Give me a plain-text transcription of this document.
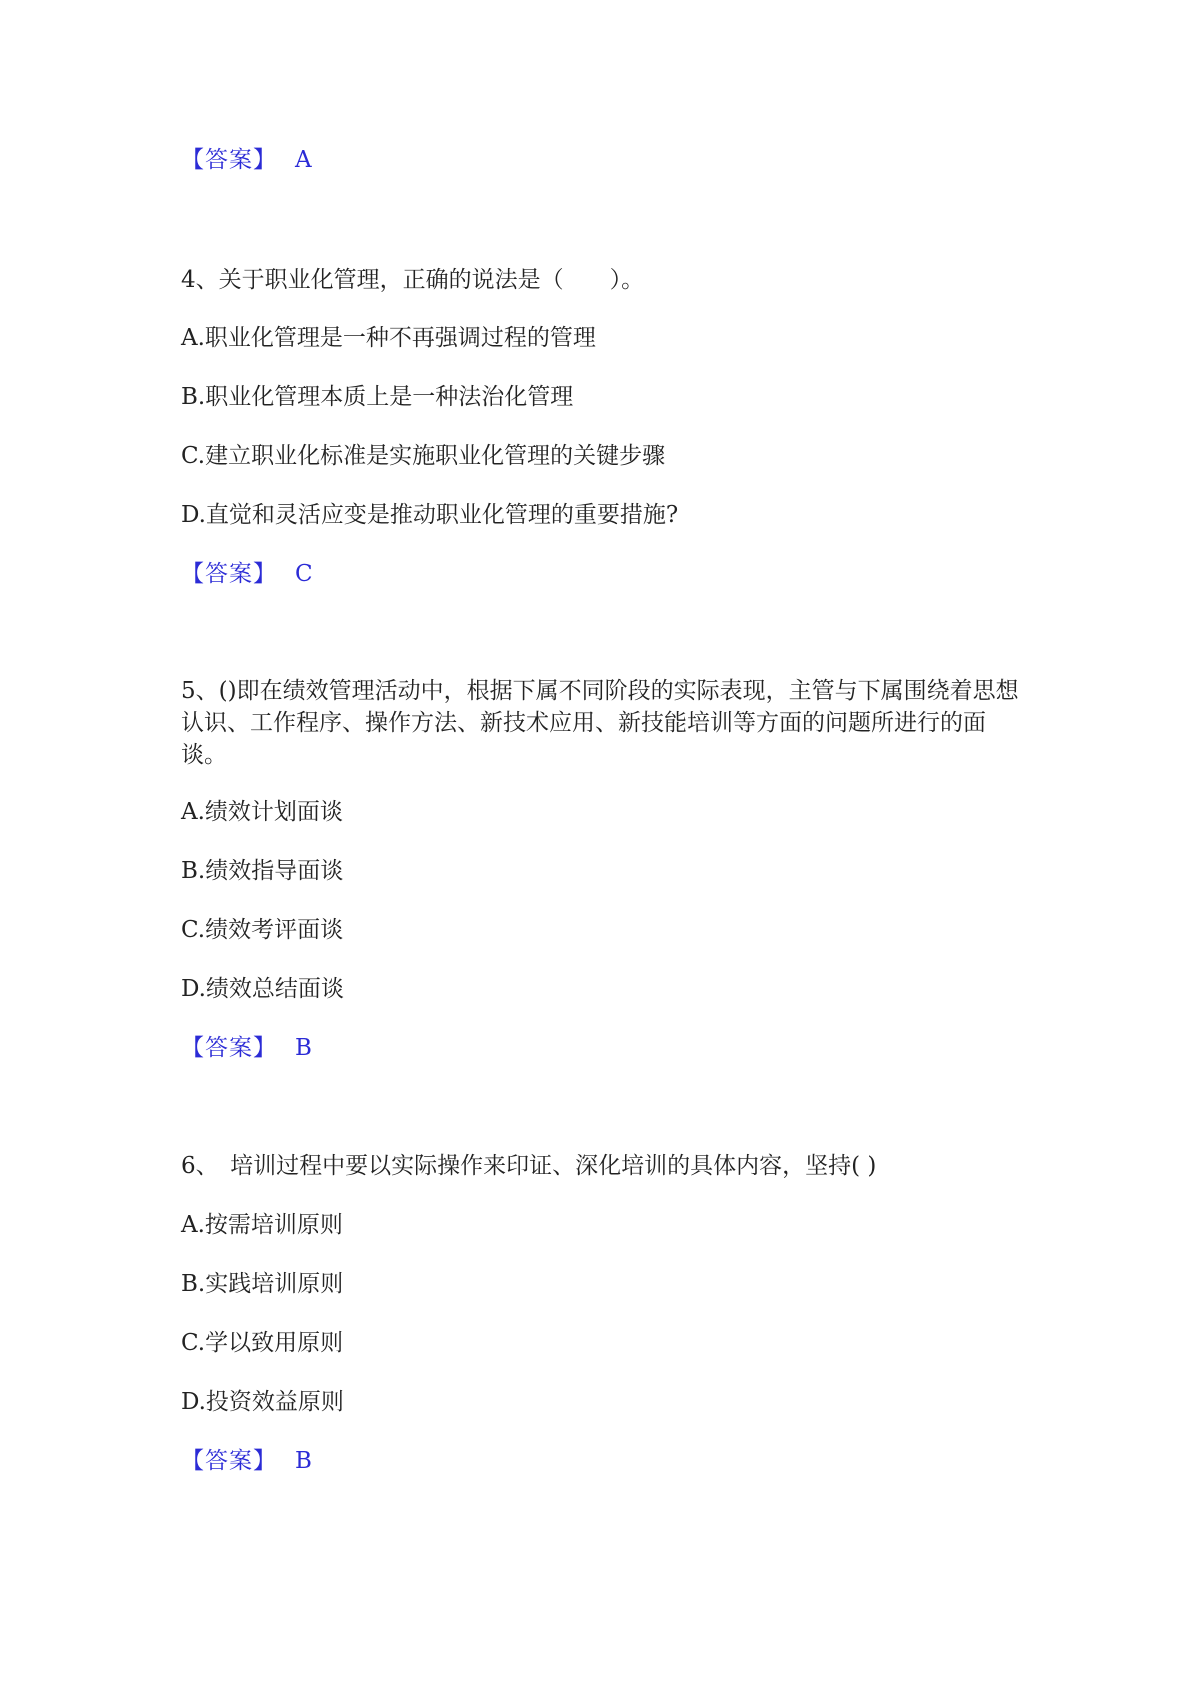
【答案】 A
4、关于职业化管理，正确的说法是（　　）。
A.职业化管理是一种不再强调过程的管理
B.职业化管理本质上是一种法治化管理
C.建立职业化标准是实施职业化管理的关键步骤
D.直觉和灵活应变是推动职业化管理的重要措施?
【答案】 C
5、()即在绩效管理活动中，根据下属不同阶段的实际表现，主管与下属围绕着思想认识、工作程序、操作方法、新技术应用、新技能培训等方面的问题所进行的面谈。
A.绩效计划面谈
B.绩效指导面谈
C.绩效考评面谈
D.绩效总结面谈
【答案】 B
6、　培训过程中要以实际操作来印证、深化培训的具体内容，坚持( )
A.按需培训原则
B.实践培训原则
C.学以致用原则
D.投资效益原则
【答案】 B
